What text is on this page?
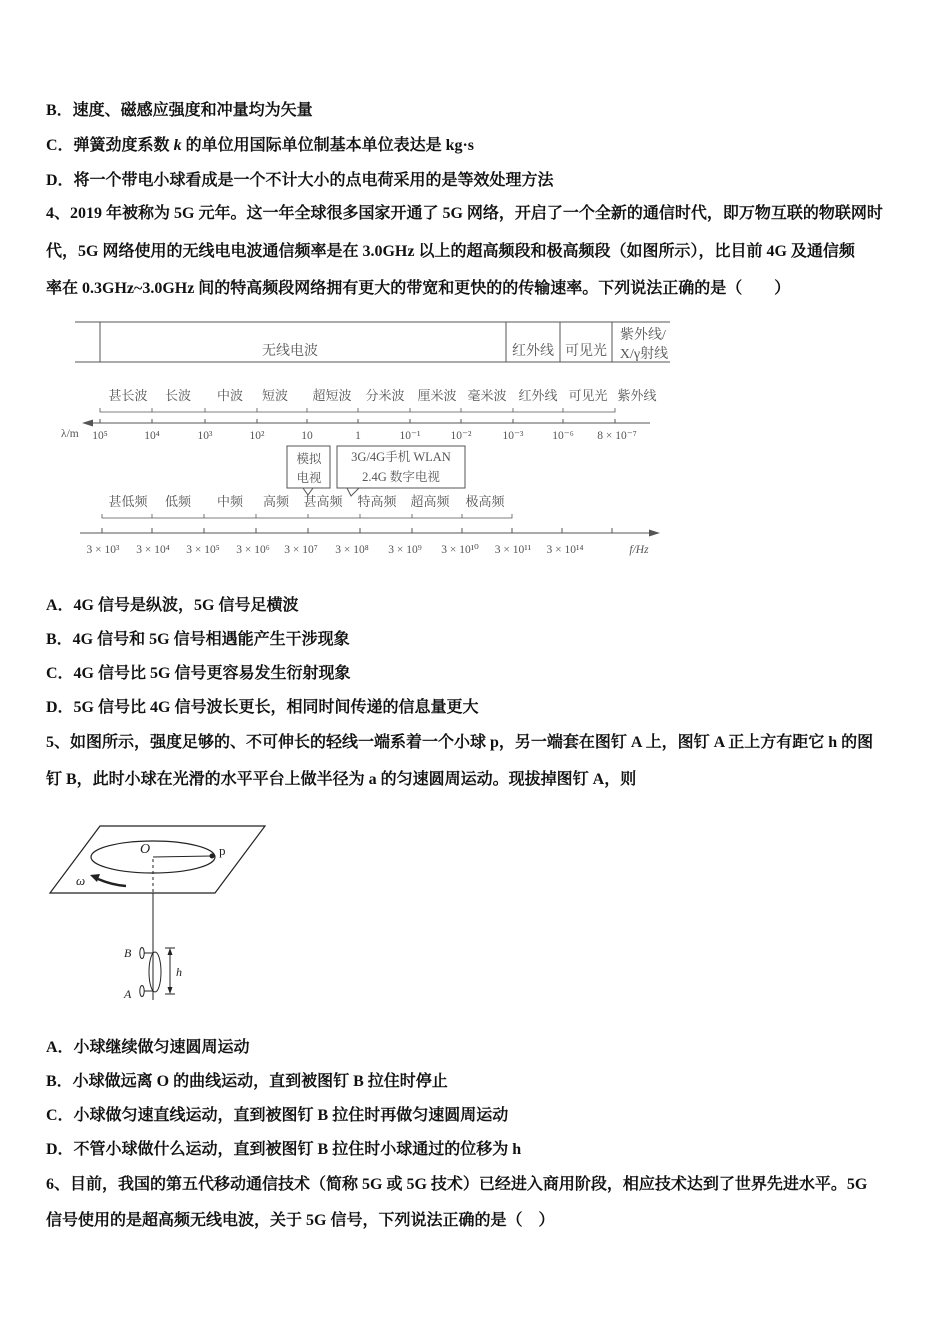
B．速度、磁感应强度和冲量均为矢量
C．弹簧劲度系数 k 的单位用国际单位制基本单位表达是 kg·s
D．将一个带电小球看成是一个不计大小的点电荷采用的是等效处理方法
4、2019 年被称为 5G 元年。这一年全球很多国家开通了 5G 网络，开启了一个全新的通信时代，即万物互联的物联网时
代，5G 网络使用的无线电电波通信频率是在 3.0GHz 以上的超高频段和极高频段（如图所示），比目前 4G 及通信频
率在 0.3GHz~3.0GHz 间的特高频段网络拥有更大的带宽和更快的的传输速率。下列说法正确的是（　　）
无线电波	红外线 可见光
紫外线/
X/γ射线
甚长波 长波 中波 短波 超短波 分米波 厘米波 毫米波 红外线 可见光 紫外线
λ/m 10⁵	10⁴	10³	10²	10	1	10⁻¹	10⁻²	10⁻³ 10⁻⁶ 8 × 10⁻⁷
模拟
电视
3G/4G手机 WLAN
2.4G 数字电视
甚低频 低频 中频 高频 甚高频 特高频 超高频 极高频
3 × 10³ 3 × 10⁴ 3 × 10⁵ 3 × 10⁶ 3 × 10⁷ 3 × 10⁸ 3 × 10⁹ 3 × 10¹⁰ 3 × 10¹¹ 3 × 10¹⁴	f/Hz
A．4G 信号是纵波，5G 信号足横波
B．4G 信号和 5G 信号相遇能产生干涉现象
C．4G 信号比 5G 信号更容易发生衍射现象
D．5G 信号比 4G 信号波长更长，相同时间传递的信息量更大
5、如图所示，强度足够的、不可伸长的轻线一端系着一个小球 p，另一端套在图钉 A 上，图钉 A 正上方有距它 h 的图
钉 B，此时小球在光滑的水平平台上做半径为 a 的匀速圆周运动。现拔掉图钉 A，则
O	p
ω
B
A
h
A．小球继续做匀速圆周运动
B．小球做远离 O 的曲线运动，直到被图钉 B 拉住时停止
C．小球做匀速直线运动，直到被图钉 B 拉住时再做匀速圆周运动
D．不管小球做什么运动，直到被图钉 B 拉住时小球通过的位移为 h
6、目前，我国的第五代移动通信技术（简称 5G 或 5G 技术）已经进入商用阶段，相应技术达到了世界先进水平。5G
信号使用的是超高频无线电波，关于 5G 信号，下列说法正确的是（　）
